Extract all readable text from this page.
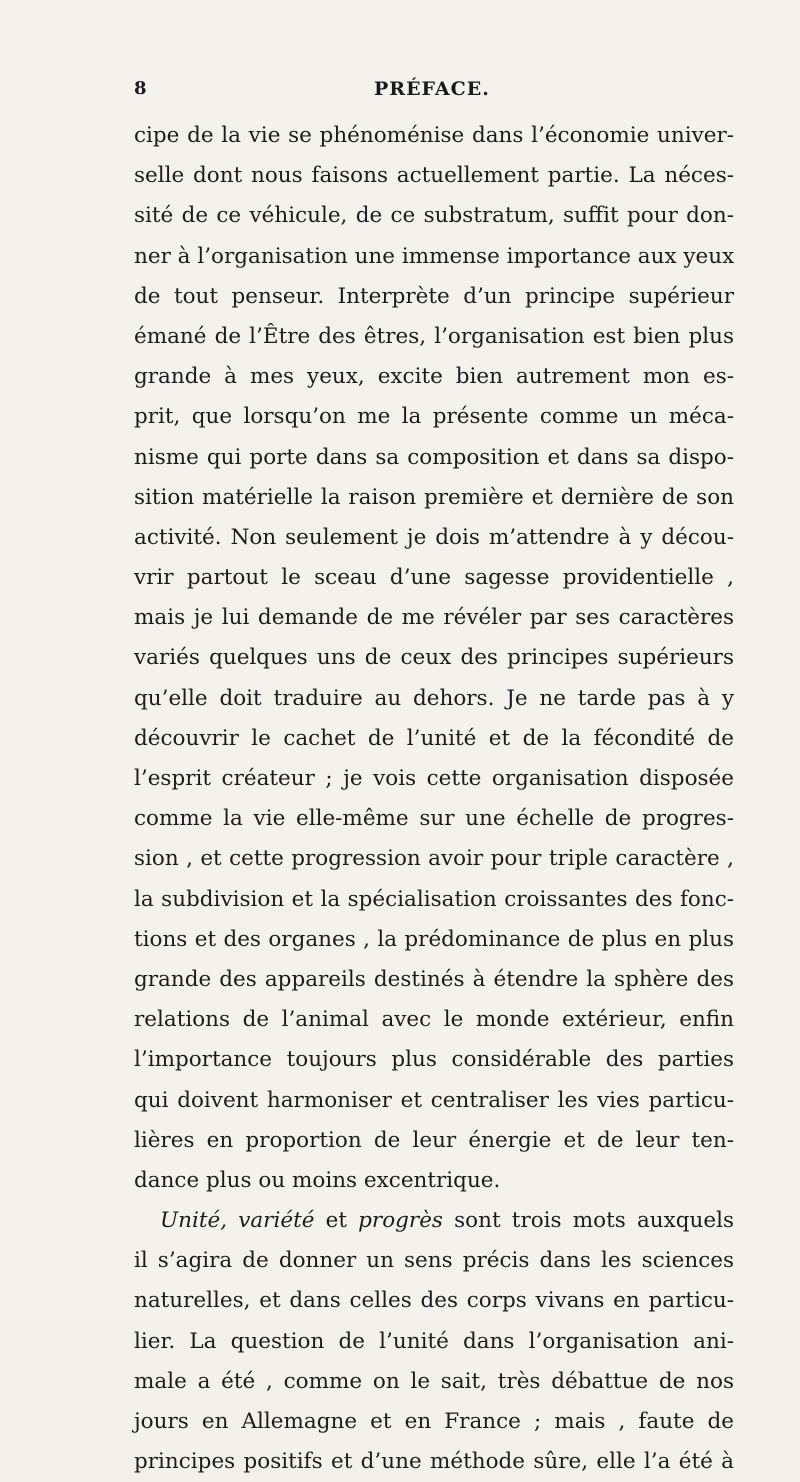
8	PRÉFACE.
cipe de la vie se phénoménise dans l’économie univer-
selle dont nous faisons actuellement partie. La néces-
sité de ce véhicule, de ce substratum, suffit pour don-
ner à l’organisation une immense importance aux yeux
de tout penseur. Interprète d’un principe supérieur
émané de l’Être des êtres, l’organisation est bien plus
grande à mes yeux, excite bien autrement mon es-
prit, que lorsqu’on me la présente comme un méca-
nisme qui porte dans sa composition et dans sa dispo-
sition matérielle la raison première et dernière de son
activité. Non seulement je dois m’attendre à y décou-
vrir partout le sceau d’une sagesse providentielle ,
mais je lui demande de me révéler par ses caractères
variés quelques uns de ceux des principes supérieurs
qu’elle doit traduire au dehors. Je ne tarde pas à y
découvrir le cachet de l’unité et de la fécondité de
l’esprit créateur ; je vois cette organisation disposée
comme la vie elle-même sur une échelle de progres-
sion , et cette progression avoir pour triple caractère ,
la subdivision et la spécialisation croissantes des fonc-
tions et des organes , la prédominance de plus en plus
grande des appareils destinés à étendre la sphère des
relations de l’animal avec le monde extérieur, enfin
l’importance toujours plus considérable des parties
qui doivent harmoniser et centraliser les vies particu-
lières en proportion de leur énergie et de leur ten-
dance plus ou moins excentrique.
Unité, variété et progrès sont trois mots auxquels
il s’agira de donner un sens précis dans les sciences
naturelles, et dans celles des corps vivans en particu-
lier. La question de l’unité dans l’organisation ani-
male a été , comme on le sait, très débattue de nos
jours en Allemagne et en France ; mais , faute de
principes positifs et d’une méthode sûre, elle l’a été à
